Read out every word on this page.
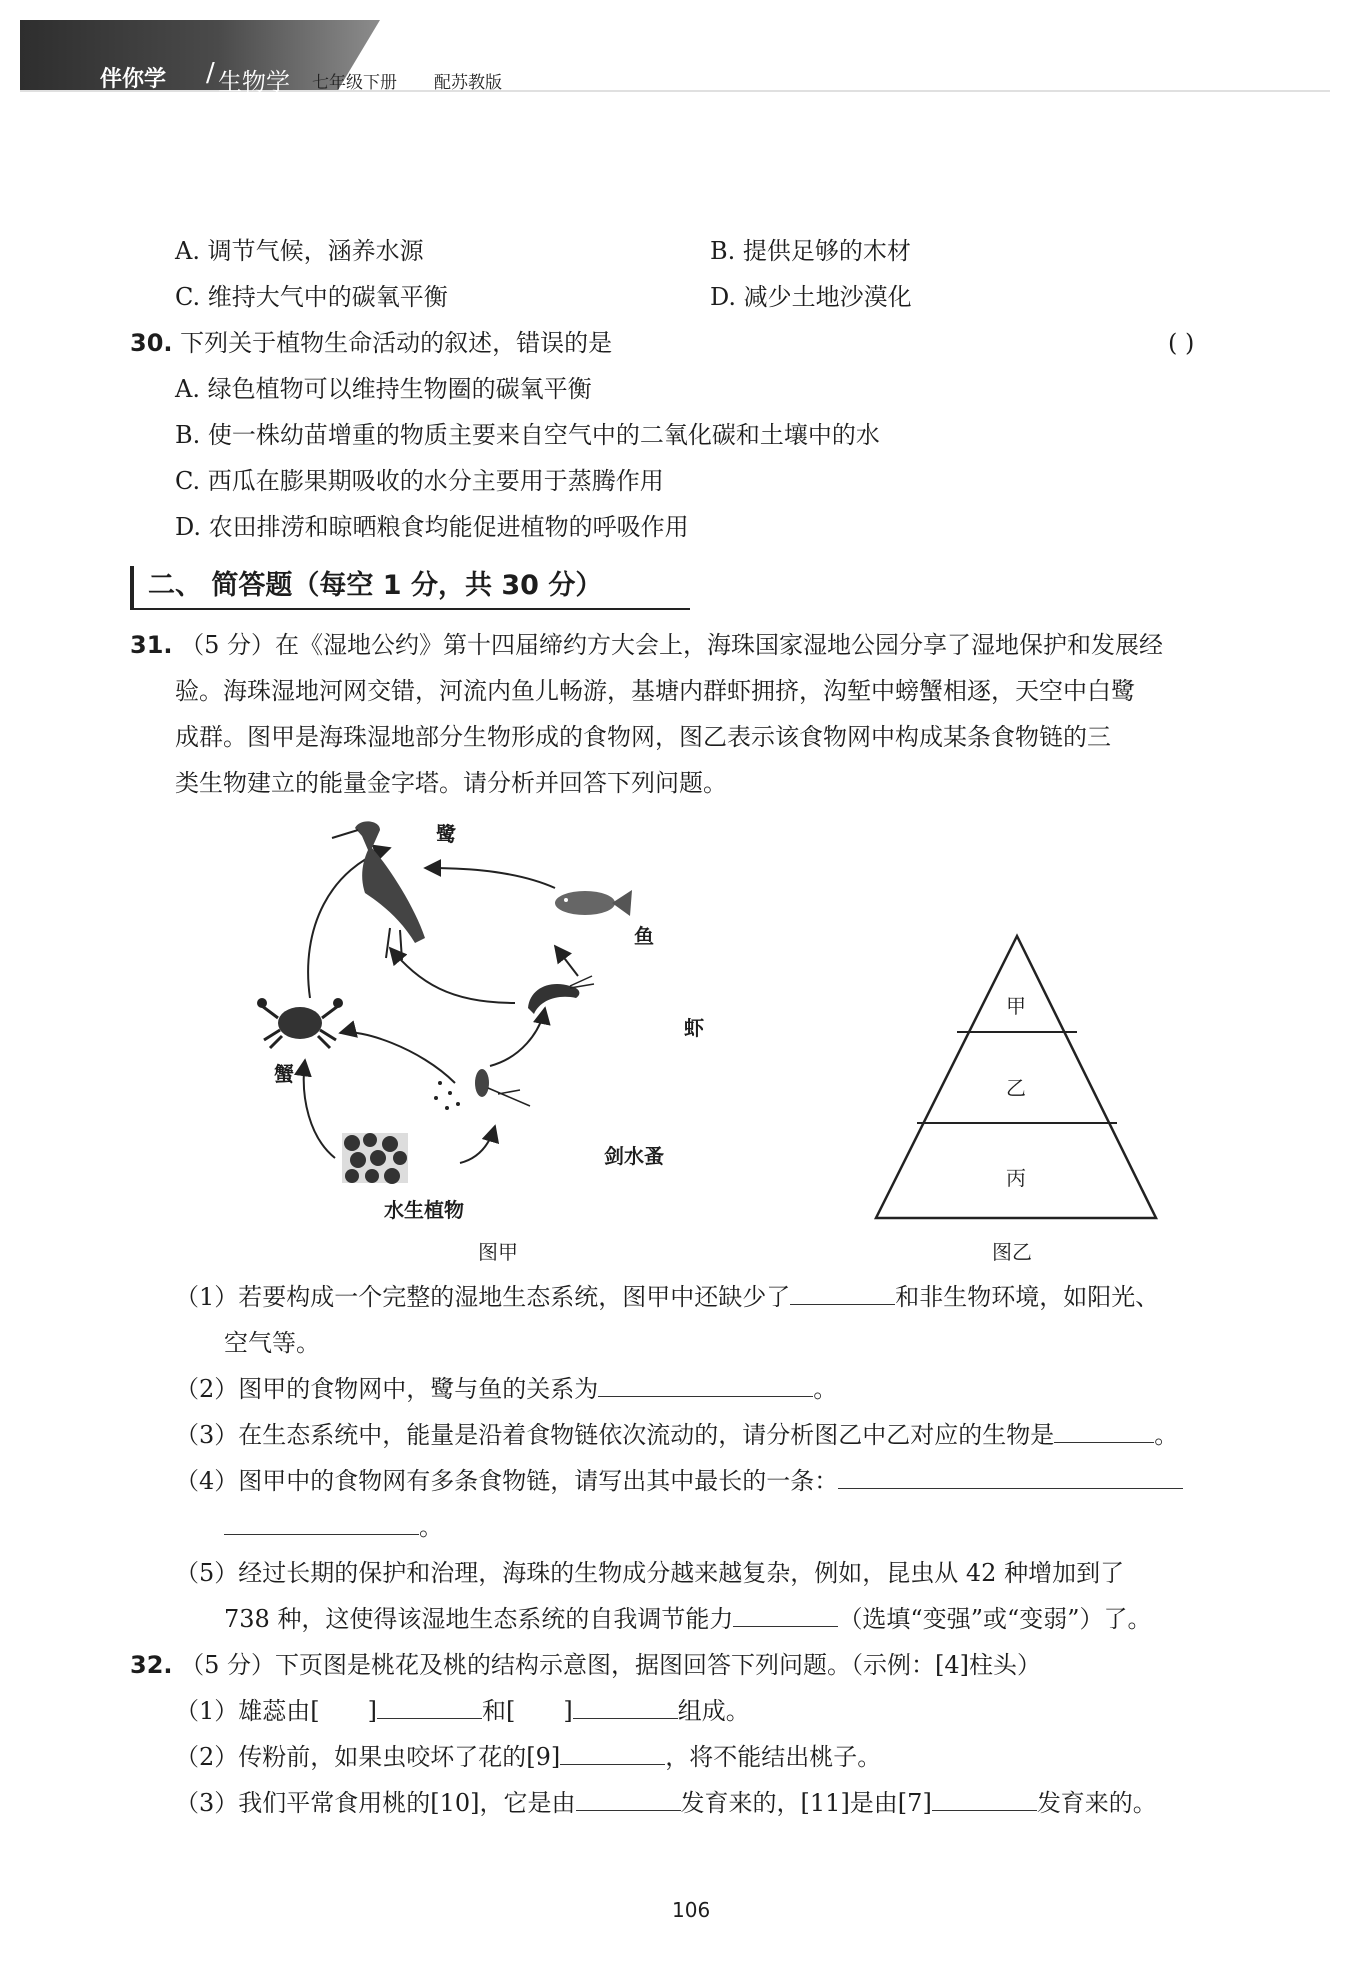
伴你学 / 生物学 七年级下册 配苏教版
A. 调节气候，涵养水源	B. 提供足够的木材
C. 维持大气中的碳氧平衡	D. 减少土地沙漠化
30. 下列关于植物生命活动的叙述，错误的是	( )
A. 绿色植物可以维持生物圈的碳氧平衡
B. 使一株幼苗增重的物质主要来自空气中的二氧化碳和土壤中的水
C. 西瓜在膨果期吸收的水分主要用于蒸腾作用
D. 农田排涝和晾晒粮食均能促进植物的呼吸作用
二、 简答题（每空 1 分，共 30 分）
31. （5 分）在《湿地公约》第十四届缔约方大会上，海珠国家湿地公园分享了湿地保护和发展经
验。海珠湿地河网交错，河流内鱼儿畅游，基塘内群虾拥挤，沟堑中螃蟹相逐，天空中白鹭
成群。图甲是海珠湿地部分生物形成的食物网，图乙表示该食物网中构成某条食物链的三
类生物建立的能量金字塔。请分析并回答下列问题。
鹭
鱼
虾
蟹
剑水蚤
水生植物
图甲
甲
乙
丙
图乙
（1）若要构成一个完整的湿地生态系统，图甲中还缺少了	和非生物环境，如阳光、
空气等。
（2）图甲的食物网中，鹭与鱼的关系为	。
（3）在生态系统中，能量是沿着食物链依次流动的，请分析图乙中乙对应的生物是	。
（4）图甲中的食物网有多条食物链，请写出其中最长的一条：
。
（5）经过长期的保护和治理，海珠的生物成分越来越复杂，例如，昆虫从 42 种增加到了
738 种，这使得该湿地生态系统的自我调节能力	（选填“变强”或“变弱”）了。
32. （5 分）下页图是桃花及桃的结构示意图，据图回答下列问题。（示例：[4]柱头）
（1）雄蕊由[ ]	和[ ]	组成。
（2）传粉前，如果虫咬坏了花的[9]	，将不能结出桃子。
（3）我们平常食用桃的[10]，它是由	发育来的，[11]是由[7]	发育来的。
106
